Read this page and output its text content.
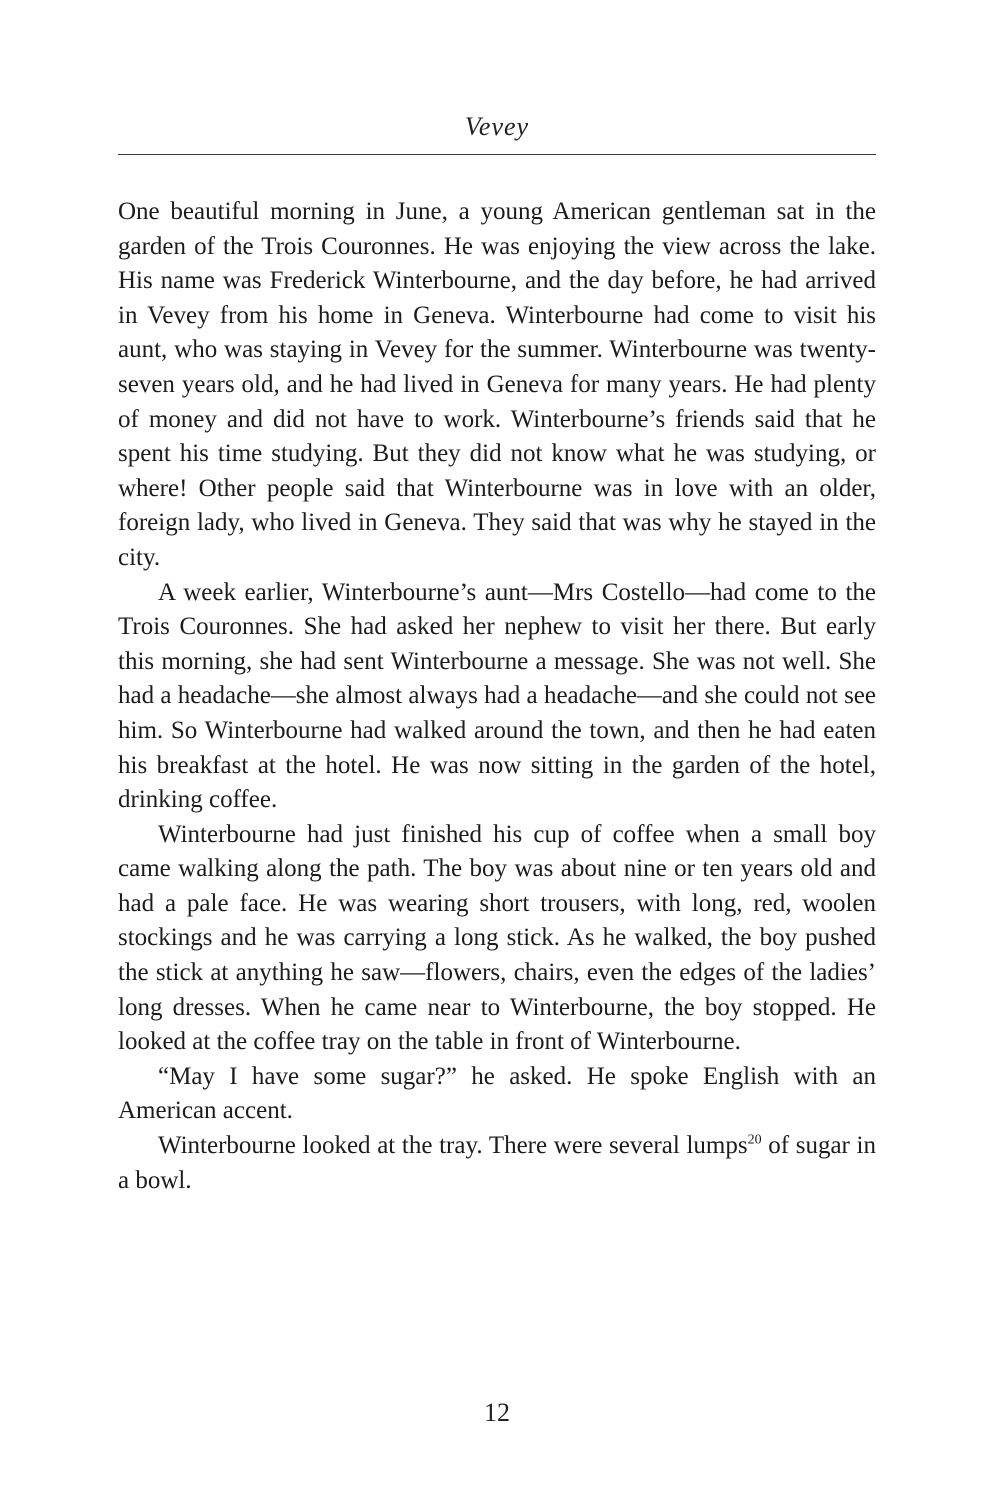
Vevey

One beautiful morning in June, a young American gentleman sat in the garden of the Trois Couronnes. He was enjoying the view across the lake. His name was Frederick Winterbourne, and the day before, he had arrived in Vevey from his home in Geneva. Winterbourne had come to visit his aunt, who was staying in Vevey for the summer. Winterbourne was twenty-seven years old, and he had lived in Geneva for many years. He had plenty of money and did not have to work. Winterbourne’s friends said that he spent his time studying. But they did not know what he was studying, or where! Other people said that Winterbourne was in love with an older, foreign lady, who lived in Geneva. They said that was why he stayed in the city.

A week earlier, Winterbourne’s aunt—Mrs Costello—had come to the Trois Couronnes. She had asked her nephew to visit her there. But early this morning, she had sent Winterbourne a message. She was not well. She had a headache—she almost always had a headache—and she could not see him. So Winterbourne had walked around the town, and then he had eaten his breakfast at the hotel. He was now sitting in the garden of the hotel, drinking coffee.

Winterbourne had just finished his cup of coffee when a small boy came walking along the path. The boy was about nine or ten years old and had a pale face. He was wearing short trousers, with long, red, woolen stockings and he was carrying a long stick. As he walked, the boy pushed the stick at anything he saw—flowers, chairs, even the edges of the ladies’ long dresses. When he came near to Winterbourne, the boy stopped. He looked at the coffee tray on the table in front of Winterbourne.

“May I have some sugar?” he asked. He spoke English with an American accent.

Winterbourne looked at the tray. There were several lumps$^{20}$ of sugar in a bowl.

12
